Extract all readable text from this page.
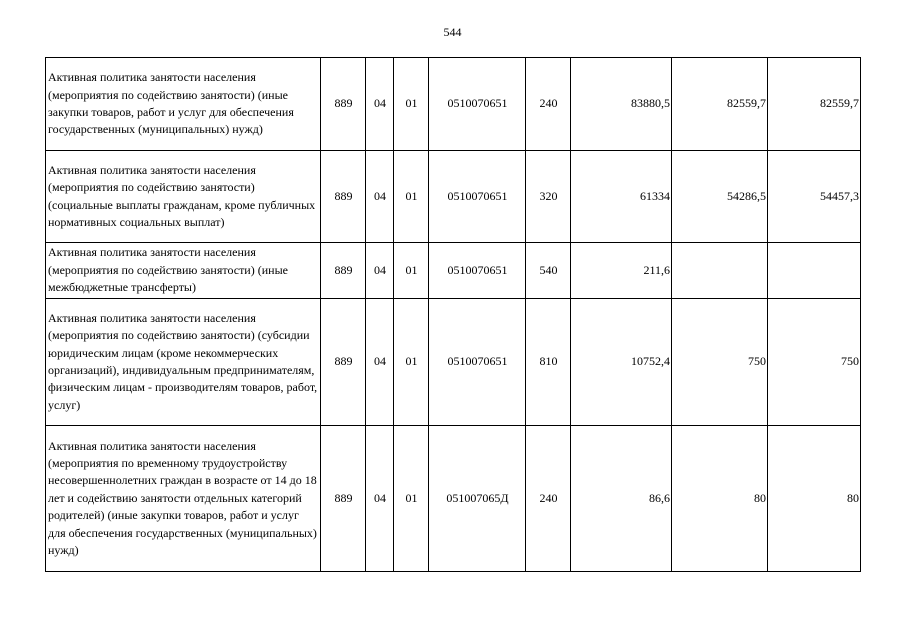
544
Активная политика занятости населения (мероприятия по содействию занятости) (иные закупки товаров, работ и услуг для обеспечения государственных (муниципальных) нужд)	889	04	01	0510070651	240	83880,5	82559,7	82559,7
Активная политика занятости населения (мероприятия по содействию занятости) (социальные выплаты гражданам, кроме публичных нормативных социальных выплат)	889	04	01	0510070651	320	61334	54286,5	54457,3
Активная политика занятости населения (мероприятия по содействию занятости) (иные межбюджетные трансферты)	889	04	01	0510070651	540	211,6		
Активная политика занятости населения (мероприятия по содействию занятости) (субсидии юридическим лицам (кроме некоммерческих организаций), индивидуальным предпринимателям, физическим лицам - производителям товаров, работ, услуг)	889	04	01	0510070651	810	10752,4	750	750
Активная политика занятости населения (мероприятия по временному трудоустройству несовершеннолетних граждан в возрасте от 14 до 18 лет и содействию занятости отдельных категорий родителей) (иные закупки товаров, работ и услуг для обеспечения государственных (муниципальных) нужд)	889	04	01	051007065Д	240	86,6	80	80
